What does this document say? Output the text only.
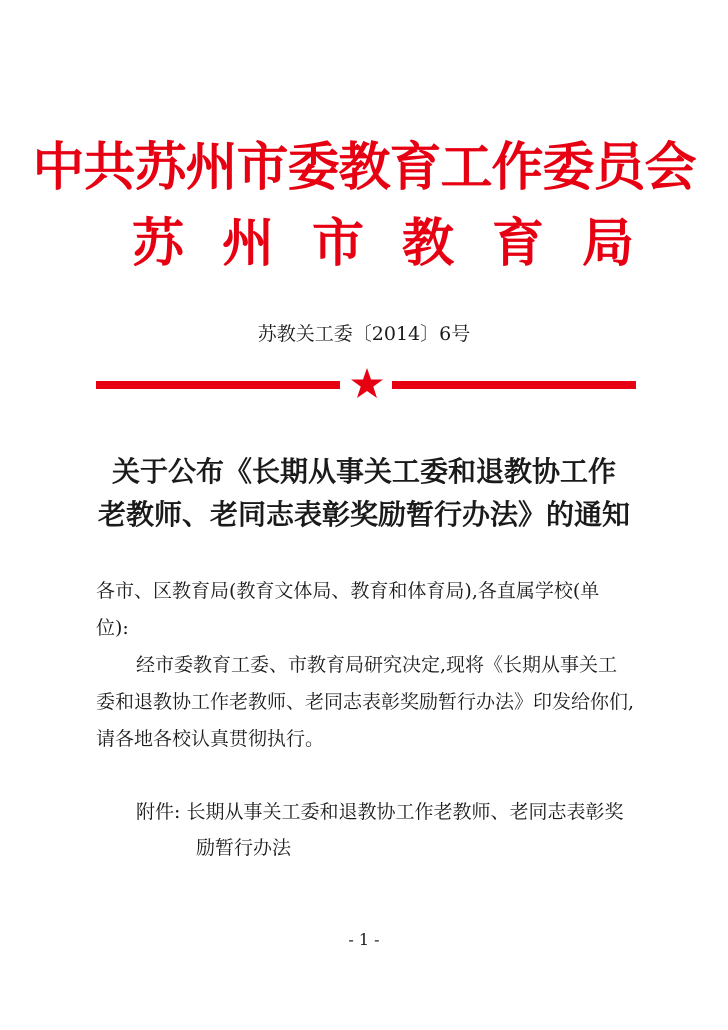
中共苏州市委教育工作委员会
苏州市教育局
苏教关工委〔2014〕6号
关于公布《长期从事关工委和退教协工作
老教师、老同志表彰奖励暂行办法》的通知
各市、区教育局(教育文体局、教育和体育局),各直属学校(单
位):
经市委教育工委、市教育局研究决定,现将《长期从事关工
委和退教协工作老教师、老同志表彰奖励暂行办法》印发给你们,
请各地各校认真贯彻执行。
附件: 长期从事关工委和退教协工作老教师、老同志表彰奖
励暂行办法
- 1 -
